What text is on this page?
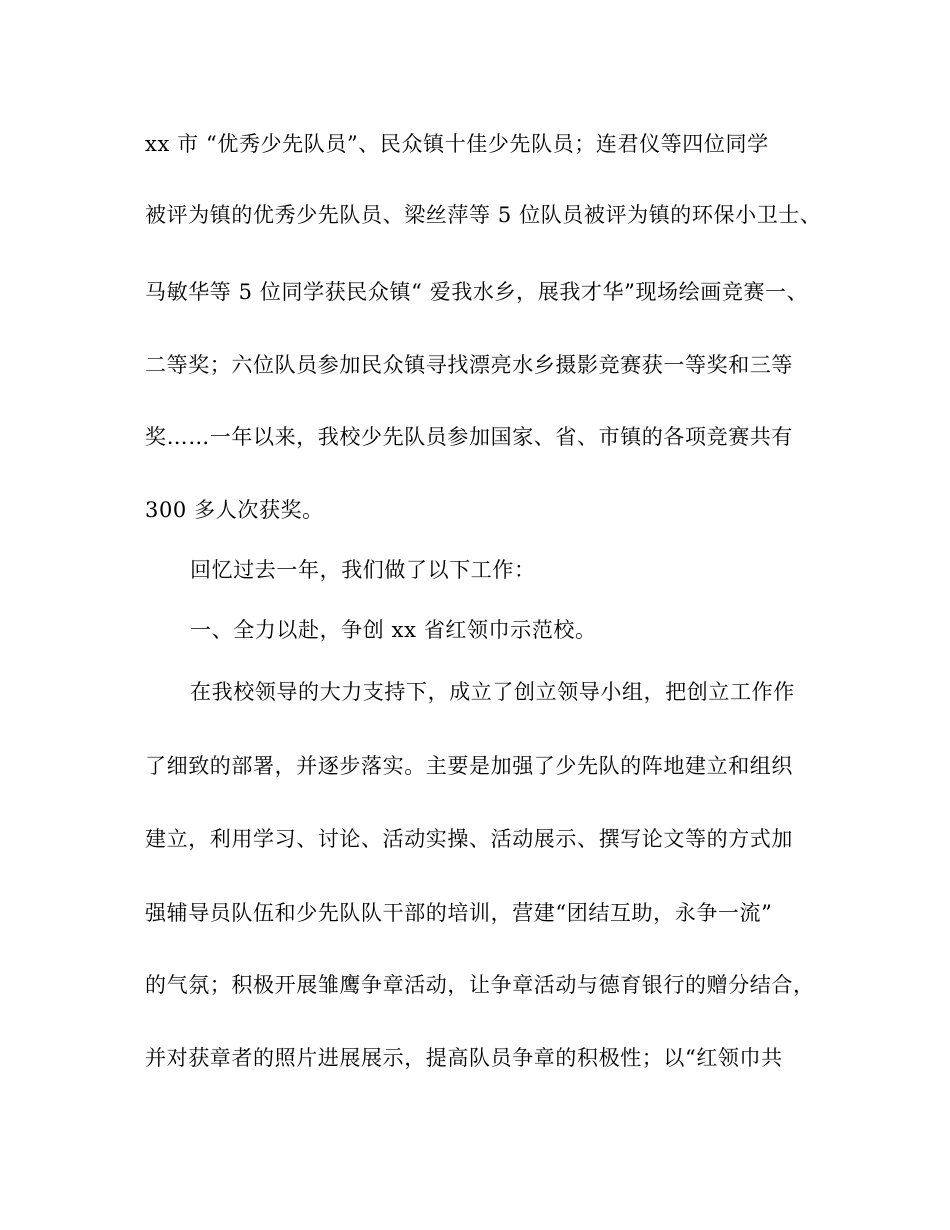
xx 市 “优秀少先队员”、民众镇十佳少先队员；连君仪等四位同学
被评为镇的优秀少先队员、梁丝萍等 5 位队员被评为镇的环保小卫士、
马敏华等 5 位同学获民众镇“ 爱我水乡，展我才华”现场绘画竞赛一、
二等奖；六位队员参加民众镇寻找漂亮水乡摄影竞赛获一等奖和三等
奖……一年以来，我校少先队员参加国家、省、市镇的各项竞赛共有
300 多人次获奖。
回忆过去一年，我们做了以下工作：
一、全力以赴，争创 xx 省红领巾示范校。
在我校领导的大力支持下，成立了创立领导小组，把创立工作作
了细致的部署，并逐步落实。主要是加强了少先队的阵地建立和组织
建立，利用学习、讨论、活动实操、活动展示、撰写论文等的方式加
强辅导员队伍和少先队队干部的培训，营建“团结互助，永争一流”
的气氛；积极开展雏鹰争章活动，让争章活动与德育银行的赠分结合，
并对获章者的照片进展展示，提高队员争章的积极性；以“红领巾共
